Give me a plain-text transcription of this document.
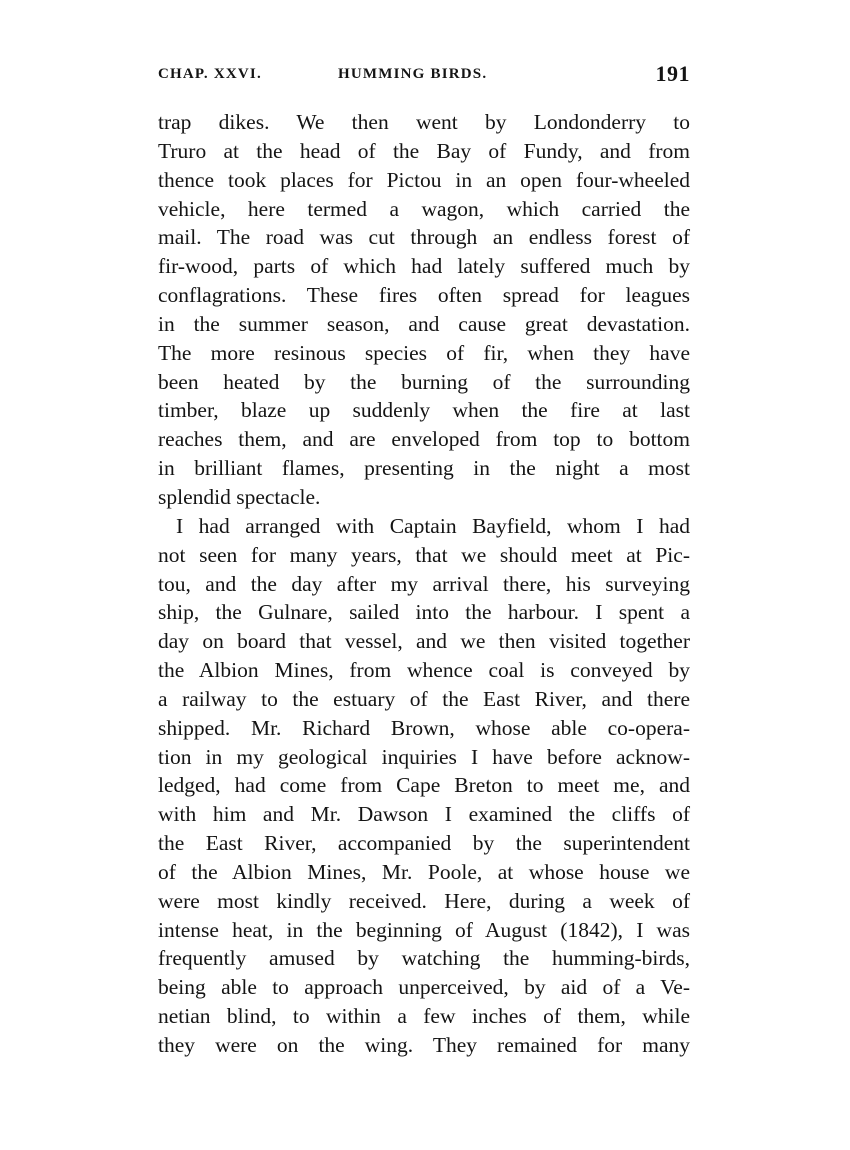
CHAP. XXVI.	HUMMING BIRDS.	191
trap dikes. We then went by Londonderry to
Truro at the head of the Bay of Fundy, and from
thence took places for Pictou in an open four-wheeled
vehicle, here termed a wagon, which carried the
mail. The road was cut through an endless forest of
fir-wood, parts of which had lately suffered much by
conflagrations. These fires often spread for leagues
in the summer season, and cause great devastation.
The more resinous species of fir, when they have
been heated by the burning of the surrounding
timber, blaze up suddenly when the fire at last
reaches them, and are enveloped from top to bottom
in brilliant flames, presenting in the night a most
splendid spectacle.
I had arranged with Captain Bayfield, whom I had
not seen for many years, that we should meet at Pic-
tou, and the day after my arrival there, his surveying
ship, the Gulnare, sailed into the harbour. I spent a
day on board that vessel, and we then visited together
the Albion Mines, from whence coal is conveyed by
a railway to the estuary of the East River, and there
shipped. Mr. Richard Brown, whose able co-opera-
tion in my geological inquiries I have before acknow-
ledged, had come from Cape Breton to meet me, and
with him and Mr. Dawson I examined the cliffs of
the East River, accompanied by the superintendent
of the Albion Mines, Mr. Poole, at whose house we
were most kindly received. Here, during a week of
intense heat, in the beginning of August (1842), I was
frequently amused by watching the humming-birds,
being able to approach unperceived, by aid of a Ve-
netian blind, to within a few inches of them, while
they were on the wing. They remained for many
